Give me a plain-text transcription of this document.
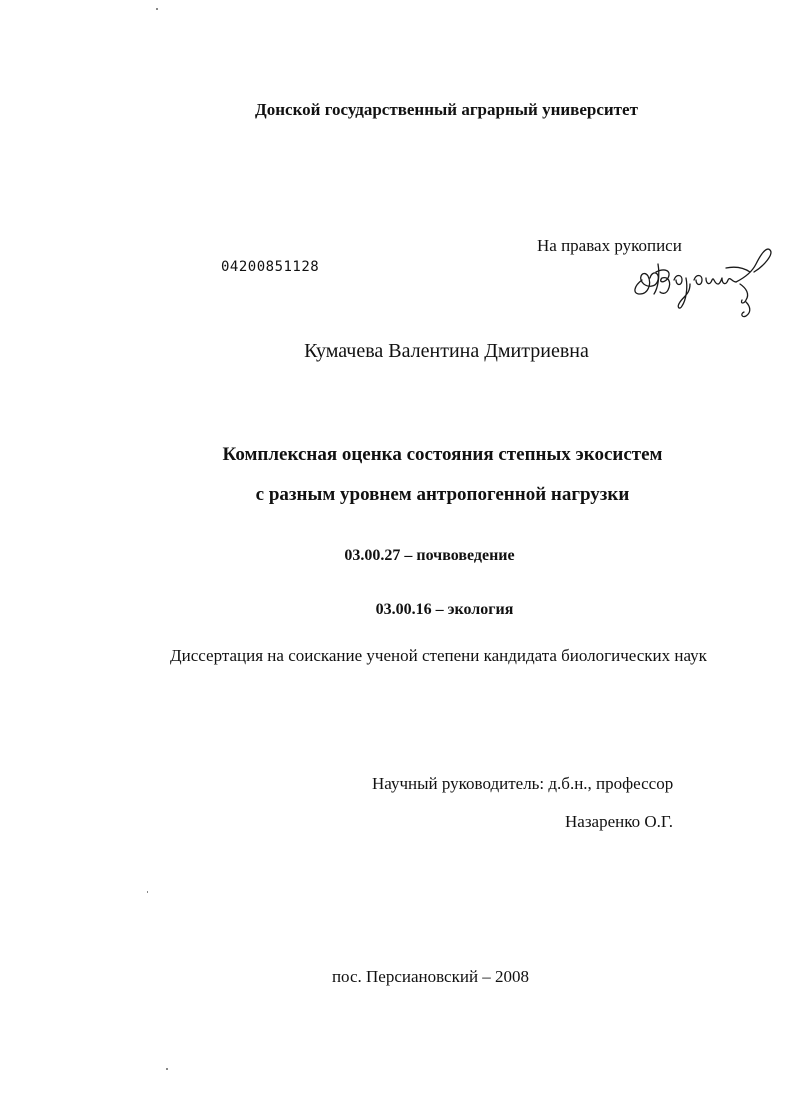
Донской государственный аграрный университет
На правах рукописи
04200851128
Кумачева Валентина Дмитриевна
Комплексная оценка состояния степных экосистем
с разным уровнем антропогенной нагрузки
03.00.27 – почвоведение
03.00.16 – экология
Диссертация на соискание ученой степени кандидата биологических наук
Научный руководитель: д.б.н., профессор
Назаренко О.Г.
пос. Персиановский – 2008
